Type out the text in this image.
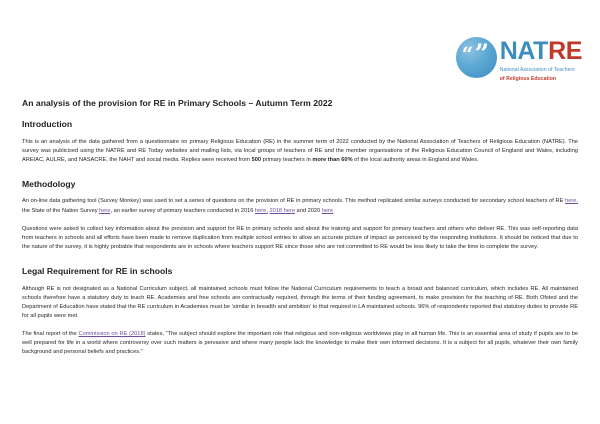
“ ” NATRE
National Association of Teachers
of Religious Education
An analysis of the provision for RE in Primary Schools – Autumn Term 2022
Introduction

This is an analysis of the data gathered from a questionnaire on primary Religious Education (RE) in the summer term of 2022 conducted by the National Association of Teachers of Religious Education (NATRE). The survey was publicised using the NATRE and RE Today websites and mailing lists, via local groups of teachers of RE and the member organisations of the Religious Education Council of England and Wales, including AREIAC, AULRE, and NASACRE, the NAHT and social media. Replies were received from 500 primary teachers in more than 60% of the local authority areas in England and Wales.

Methodology

An on-line data gathering tool (Survey Monkey) was used to set a series of questions on the provision of RE in primary schools. This method replicated similar surveys conducted for secondary school teachers of RE here, the State of the Nation Survey here, an earlier survey of primary teachers conducted in 2016 here, 2018 here and 2020 here

Questions were asked to collect key information about the provision and support for RE in primary schools and about the training and support for primary teachers and others who deliver RE. This was self-reporting data from teachers in schools and all efforts have been made to remove duplication from multiple school entries to allow an accurate picture of impact as perceived by the responding institutions. It should be noticed that due to the nature of the survey, it is highly probable that respondents are in schools where teachers support RE since those who are not committed to RE would be less likely to take the time to complete the survey.

Legal Requirement for RE in schools

Although RE is not designated as a National Curriculum subject, all maintained schools must follow the National Curriculum requirements to teach a broad and balanced curriculum, which includes RE. All maintained schools therefore have a statutory duty to teach RE. Academies and free schools are contractually required, through the terms of their funding agreement, to make provision for the teaching of RE. Both Ofsted and the Department of Education have stated that the RE curriculum in Academies must be ‘similar in breadth and ambition’ to that required in LA maintained schools. 96% of respondents reported that statutory duties to provide RE for all pupils were met.

The final report of the Commission on RE (2018) states, “The subject should explore the important role that religious and non-religious worldviews play in all human life. This is an essential area of study if pupils are to be well prepared for life in a world where controversy over such matters is pervasive and where many people lack the knowledge to make their own informed decisions. It is a subject for all pupils, whatever their own family background and personal beliefs and practices.”
